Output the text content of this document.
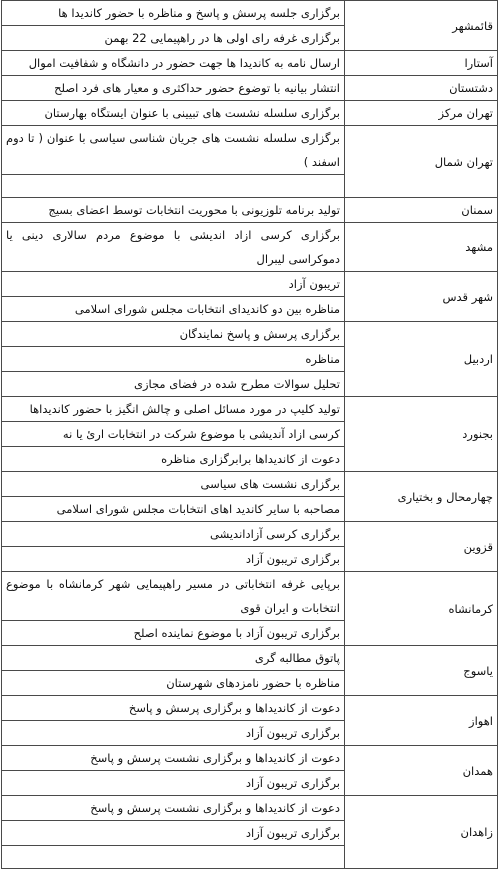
قائمشهر	برگزاری جلسه پرسش و پاسخ و مناظره با حضور کاندیدا ها
	برگزاری غرفه رای اولی ها در راهپیمایی 22 بهمن
آستارا	ارسال نامه به کاندیدا ها جهت حضور در دانشگاه و شفافیت اموال
دشتستان	انتشار بیانیه با توضوع حضور حداکثری و معیار های فرد اصلح
تهران مرکز	برگزاری سلسله نشست های تبیینی با عنوان ایستگاه بهارستان
تهران شمال	برگزاری سلسله نشست های جریان شناسی سیاسی با عنوان ( تا دوم اسفند )

سمنان	تولید برنامه تلوزیونی با محوریت انتخابات توسط اعضای بسیج
مشهد	برگزاری کرسی ازاد اندیشی با موضوع مردم سالاری دینی یا دموکراسی لیبرال
شهر قدس	تریبون آزاد
	مناظره بین دو کاندیدای انتخابات مجلس شورای اسلامی
اردبیل	برگزاری پرسش و پاسخ نمایندگان
	مناظره
	تحلیل سوالات مطرح شده در فضای مجازی
بجنورد	تولید کلیپ در مورد مسائل اصلی و چالش انگیز با حضور کاندیداها
	کرسی ازاد آندیشی با موضوع شرکت در انتخابات ارئ یا نه
	دعوت از کاندیداها برابرگزاری مناظره
چهارمحال و بختیاری	برگزاری نشست های سیاسی
	مصاحبه با سایر کاندید اهای انتخابات مجلس شورای اسلامی
قزوین	برگزاری کرسی آزاداندیشی
	برگزاری تریبون آزاد
کرمانشاه	برپایی غرفه انتخاباتی در مسیر راهپیمایی شهر کرمانشاه با موضوع انتخابات و ایران قوی
	برگزاری تریبون آزاد با موضوع نماینده اصلح
یاسوج	پاتوق مطالبه گری
	مناظره با حضور نامزدهای شهرستان
اهواز	دعوت از کاندیداها و برگزاری پرسش و پاسخ
	برگزاری تریبون آزاد
همدان	دعوت از کاندیداها و برگزاری نشست پرسش و پاسخ
	برگزاری تریبون آزاد
زاهدان	دعوت از کاندیداها و برگزاری نشست پرسش و پاسخ
	برگزاری تریبون آزاد
